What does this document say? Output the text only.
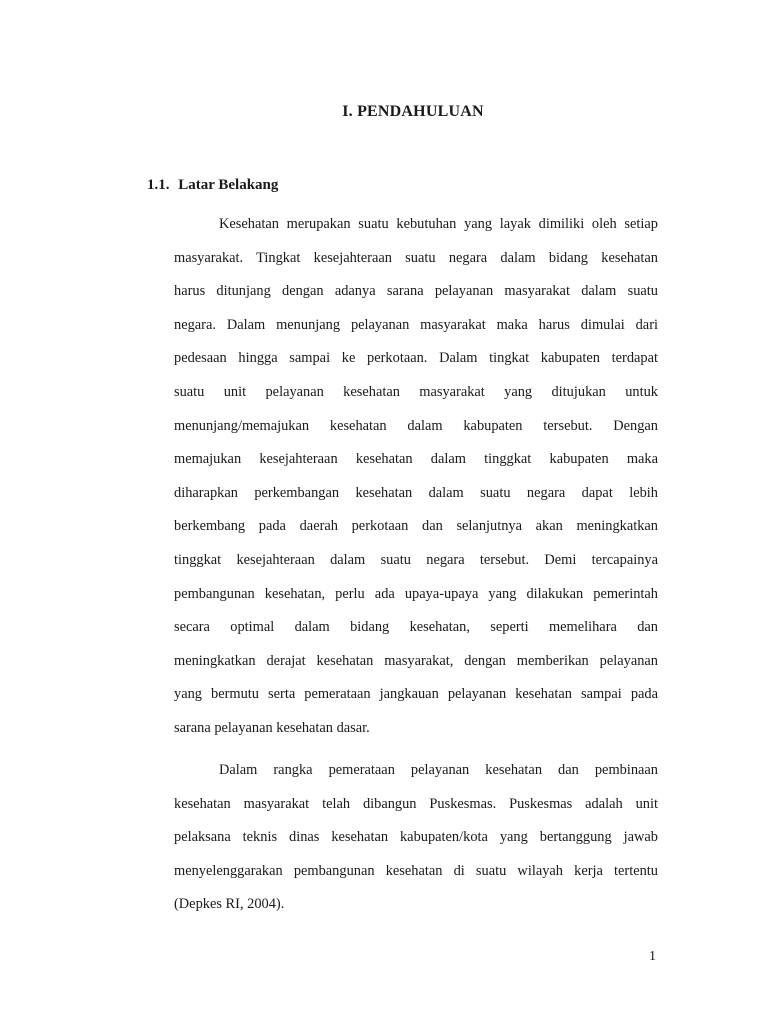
I. PENDAHULUAN
1.1. Latar Belakang
Kesehatan merupakan suatu kebutuhan yang layak dimiliki oleh setiap
masyarakat. Tingkat kesejahteraan suatu negara dalam bidang kesehatan
harus ditunjang dengan adanya sarana pelayanan masyarakat dalam suatu
negara. Dalam menunjang pelayanan masyarakat maka harus dimulai dari
pedesaan hingga sampai ke perkotaan. Dalam tingkat kabupaten terdapat
suatu unit pelayanan kesehatan masyarakat yang ditujukan untuk
menunjang/memajukan kesehatan dalam kabupaten tersebut. Dengan
memajukan kesejahteraan kesehatan dalam tinggkat kabupaten maka
diharapkan perkembangan kesehatan dalam suatu negara dapat lebih
berkembang pada daerah perkotaan dan selanjutnya akan meningkatkan
tinggkat kesejahteraan dalam suatu negara tersebut. Demi tercapainya
pembangunan kesehatan, perlu ada upaya-upaya yang dilakukan pemerintah
secara optimal dalam bidang kesehatan, seperti memelihara dan
meningkatkan derajat kesehatan masyarakat, dengan memberikan pelayanan
yang bermutu serta pemerataan jangkauan pelayanan kesehatan sampai pada
sarana pelayanan kesehatan dasar.
Dalam rangka pemerataan pelayanan kesehatan dan pembinaan
kesehatan masyarakat telah dibangun Puskesmas. Puskesmas adalah unit
pelaksana teknis dinas kesehatan kabupaten/kota yang bertanggung jawab
menyelenggarakan pembangunan kesehatan di suatu wilayah kerja tertentu
(Depkes RI, 2004).

1
